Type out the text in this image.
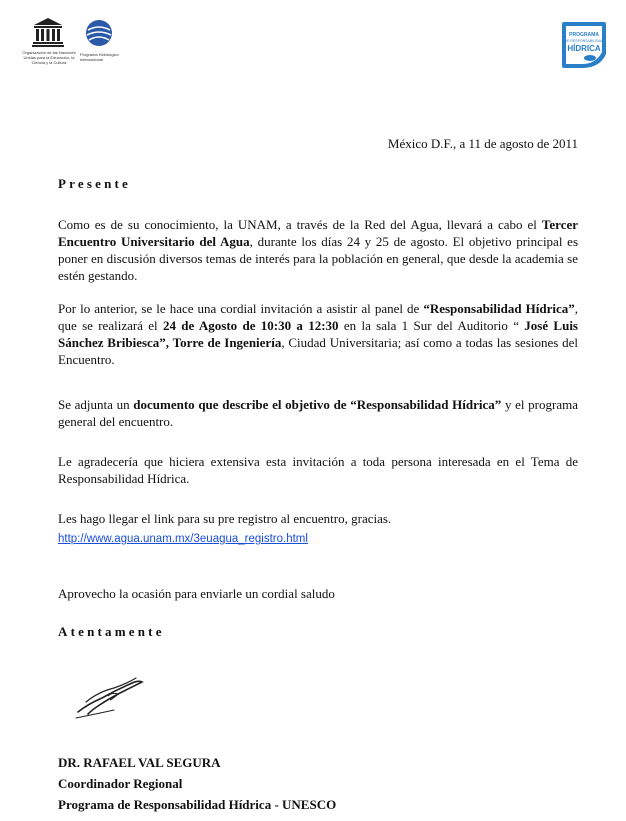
Organización de las Naciones Unidas para la Educación, la Ciencia y la Cultura
Programa Hidrológico Internacional
PROGRAMA
DE RESPONSABILIDAD
HÍDRICA
México D.F., a 11 de agosto de 2011
Presente
Como es de su conocimiento, la UNAM, a través de la Red del Agua, llevará a cabo el Tercer Encuentro Universitario del Agua, durante los días 24 y 25 de agosto. El objetivo principal es poner en discusión diversos temas de interés para la población en general, que desde la academia se estén gestando.
Por lo anterior, se le hace una cordial invitación a asistir al panel de “Responsabilidad Hídrica”, que se realizará el 24 de Agosto de 10:30 a 12:30 en la sala 1 Sur del Auditorio “ José Luis Sánchez Bribiesca”, Torre de Ingeniería, Ciudad Universitaria; así como a todas las sesiones del Encuentro.
Se adjunta un documento que describe el objetivo de “Responsabilidad Hídrica” y el programa general del encuentro.
Le agradecería que hiciera extensiva esta invitación a toda persona interesada en el Tema de Responsabilidad Hídrica.
Les hago llegar el link para su pre registro al encuentro, gracias.
http://www.agua.unam.mx/3euagua_registro.html
Aprovecho la ocasión para enviarle un cordial saludo
Atentamente
DR. RAFAEL VAL SEGURA
Coordinador Regional
Programa de Responsabilidad Hídrica - UNESCO
